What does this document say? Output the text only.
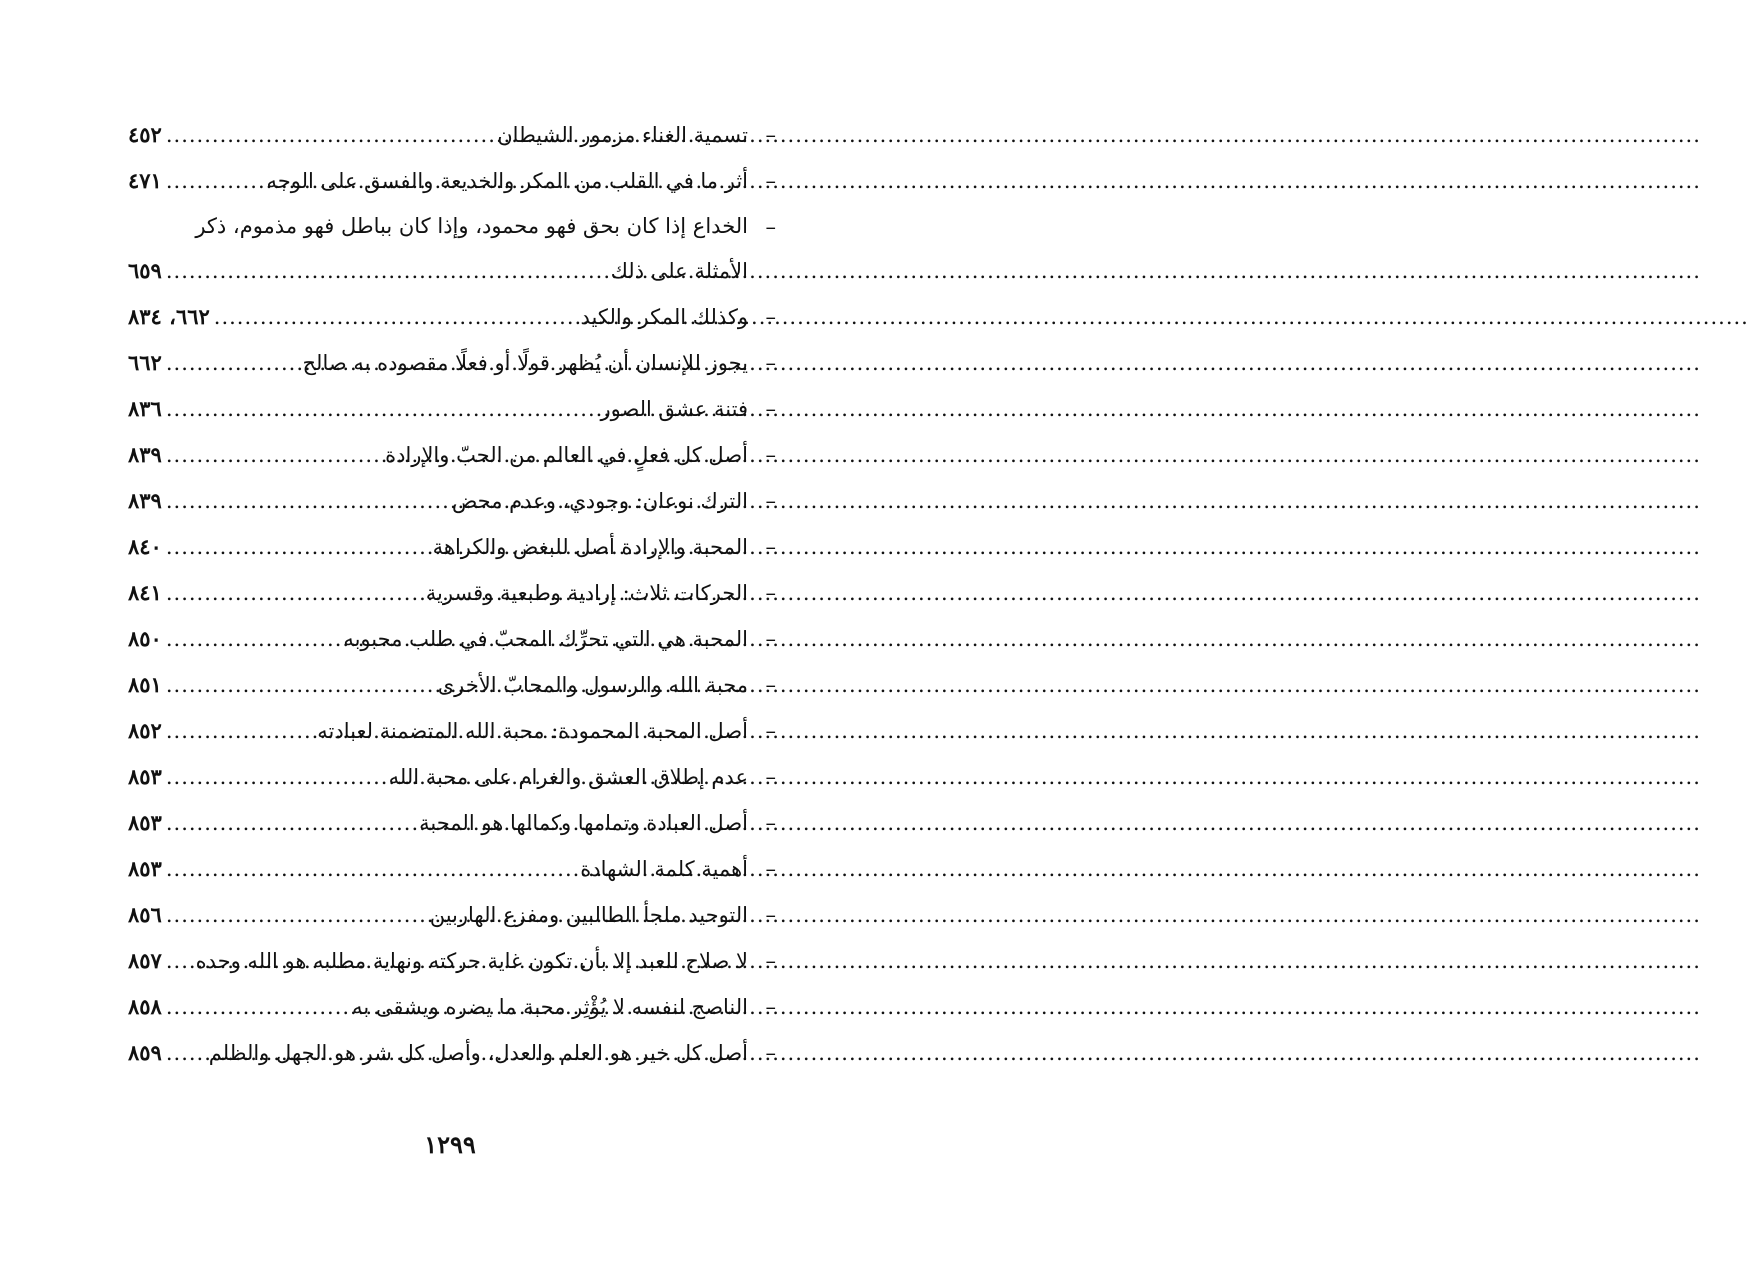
–
تسمية الغناء مزمور الشيطان
.....
٤٥٢
–
أثر ما في القلب من المكر والخديعة والفسق على الوجه
.....
٤٧١
–
الخداع إذا كان بحق فهو محمود، وإذا كان بباطل فهو مذموم، ذكر
الأمثلة على ذلك
.....
٦٥٩
–
وكذلك المكر والكيد
.....
٦٦٢، ٨٣٤
–
يجوز للإنسان أن يُظهر قولًا أو فعلًا مقصوده به صالح
.....
٦٦٢
–
فتنة عشق الصور
.....
٨٣٦
–
أصل كل فعلٍ في العالم من الحبّ والإرادة
.....
٨٣٩
–
الترك نوعان: وجودي، وعدم محض
.....
٨٣٩
–
المحبة والإرادة أصل للبغض والكراهة
.....
٨٤٠
–
الحركات ثلاث: إرادية وطبعية وقسرية
.....
٨٤١
–
المحبة هي التي تحرِّك المحبّ في طلب محبوبه
.....
٨٥٠
–
محبة الله والرسول والمحابّ الأخرى
.....
٨٥١
–
أصل المحبة المحمودة: محبة الله المتضمنة لعبادته
.....
٨٥٢
–
عدم إطلاق العشق والغرام على محبة الله
.....
٨٥٣
–
أصل العبادة وتمامها وكمالها هو المحبة
.....
٨٥٣
–
أهمية كلمة الشهادة
.....
٨٥٣
–
التوحيد ملجأ الطالبين ومفزع الهاربين
.....
٨٥٦
–
لا صلاح للعبد إلا بأن تكون غاية حركته ونهاية مطلبه هو الله وحده
.....
٨٥٧
–
الناصح لنفسه لا يُؤْثِر محبة ما يضره ويشقى به
.....
٨٥٨
–
أصل كل خير هو العلم والعدل، وأصل كل شر هو الجهل والظلم
.....
٨٥٩
١٢٩٩
